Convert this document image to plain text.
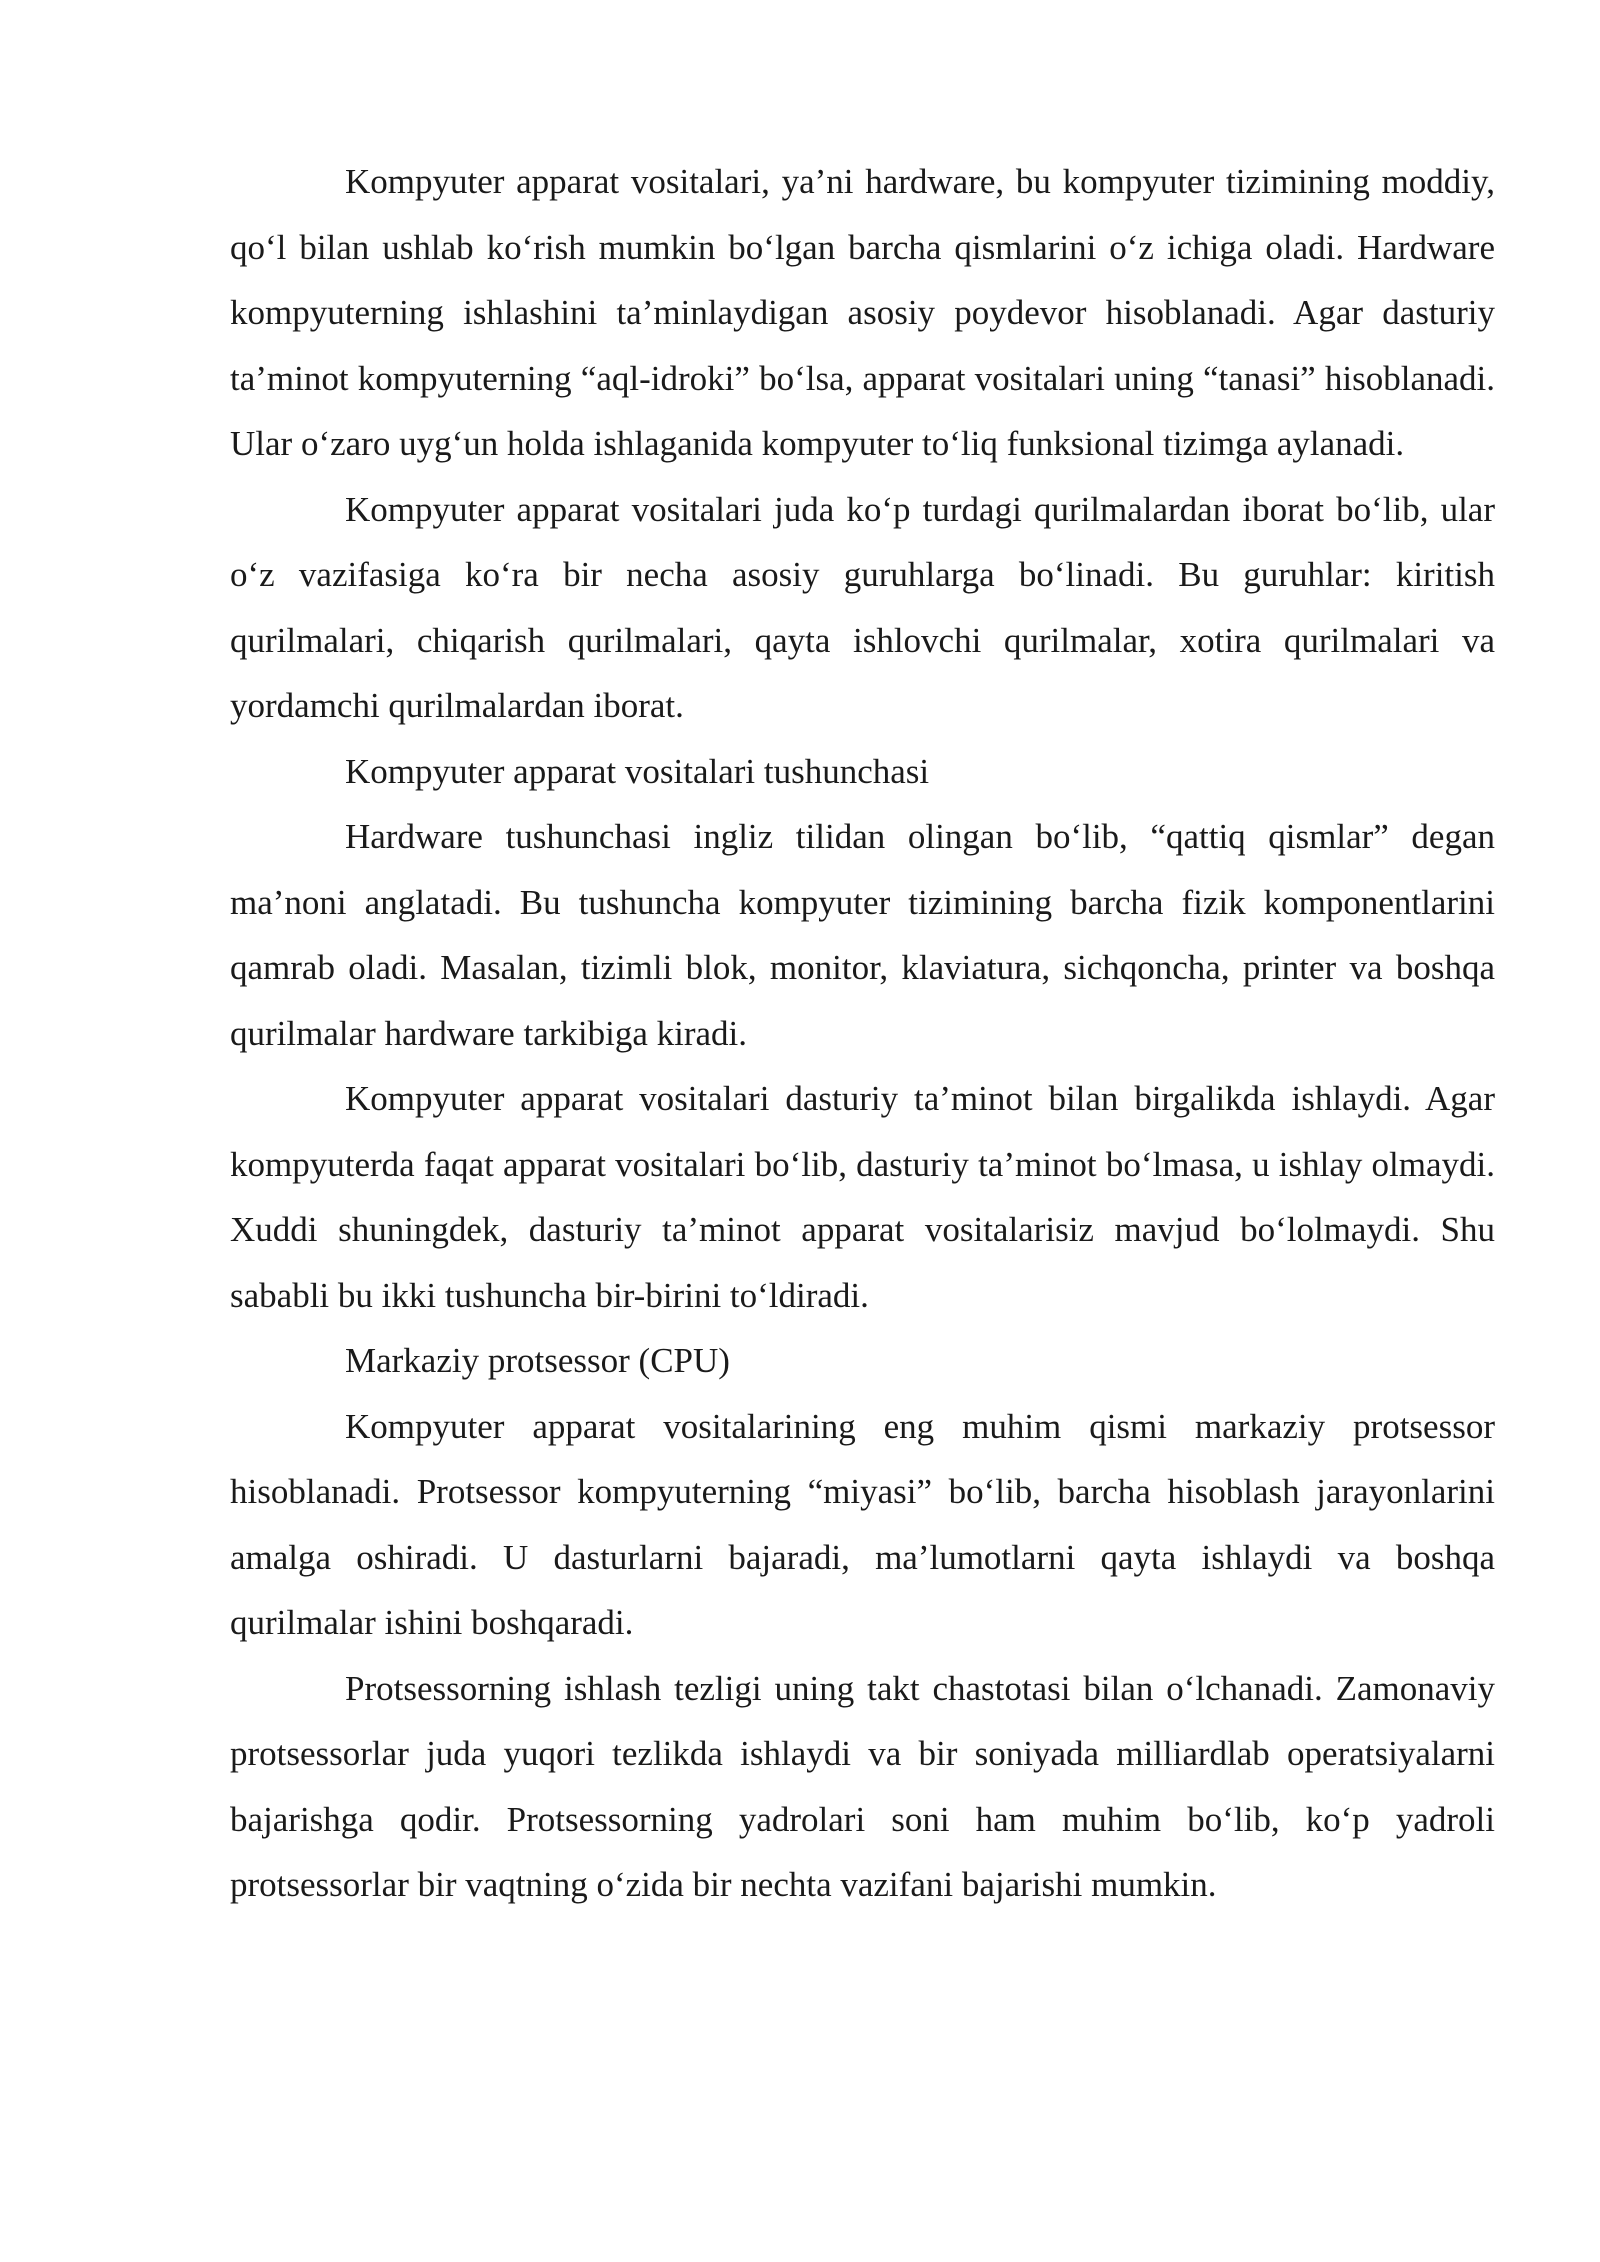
Kompyuter apparat vositalari, ya’ni hardware, bu kompyuter tizimining moddiy, qo‘l bilan ushlab ko‘rish mumkin bo‘lgan barcha qismlarini o‘z ichiga oladi. Hardware kompyuterning ishlashini ta’minlaydigan asosiy poydevor hisoblanadi. Agar dasturiy ta’minot kompyuterning “aql-idroki” bo‘lsa, apparat vositalari uning “tanasi” hisoblanadi. Ular o‘zaro uyg‘un holda ishlaganida kompyuter to‘liq funksional tizimga aylanadi.

Kompyuter apparat vositalari juda ko‘p turdagi qurilmalardan iborat bo‘lib, ular o‘z vazifasiga ko‘ra bir necha asosiy guruhlarga bo‘linadi. Bu guruhlar: kiritish qurilmalari, chiqarish qurilmalari, qayta ishlovchi qurilmalar, xotira qurilmalari va yordamchi qurilmalardan iborat.

Kompyuter apparat vositalari tushunchasi

Hardware tushunchasi ingliz tilidan olingan bo‘lib, “qattiq qismlar” degan ma’noni anglatadi. Bu tushuncha kompyuter tizimining barcha fizik komponentlarini qamrab oladi. Masalan, tizimli blok, monitor, klaviatura, sichqoncha, printer va boshqa qurilmalar hardware tarkibiga kiradi.

Kompyuter apparat vositalari dasturiy ta’minot bilan birgalikda ishlaydi. Agar kompyuterda faqat apparat vositalari bo‘lib, dasturiy ta’minot bo‘lmasa, u ishlay olmaydi. Xuddi shuningdek, dasturiy ta’minot apparat vositalarisiz mavjud bo‘lolmaydi. Shu sababli bu ikki tushuncha bir-birini to‘ldiradi.

Markaziy protsessor (CPU)

Kompyuter apparat vositalarining eng muhim qismi markaziy protsessor hisoblanadi. Protsessor kompyuterning “miyasi” bo‘lib, barcha hisoblash jarayonlarini amalga oshiradi. U dasturlarni bajaradi, ma’lumotlarni qayta ishlaydi va boshqa qurilmalar ishini boshqaradi.

Protsessorning ishlash tezligi uning takt chastotasi bilan o‘lchanadi. Zamonaviy protsessorlar juda yuqori tezlikda ishlaydi va bir soniyada milliardlab operatsiyalarni bajarishga qodir. Protsessorning yadrolari soni ham muhim bo‘lib, ko‘p yadroli protsessorlar bir vaqtning o‘zida bir nechta vazifani bajarishi mumkin.
